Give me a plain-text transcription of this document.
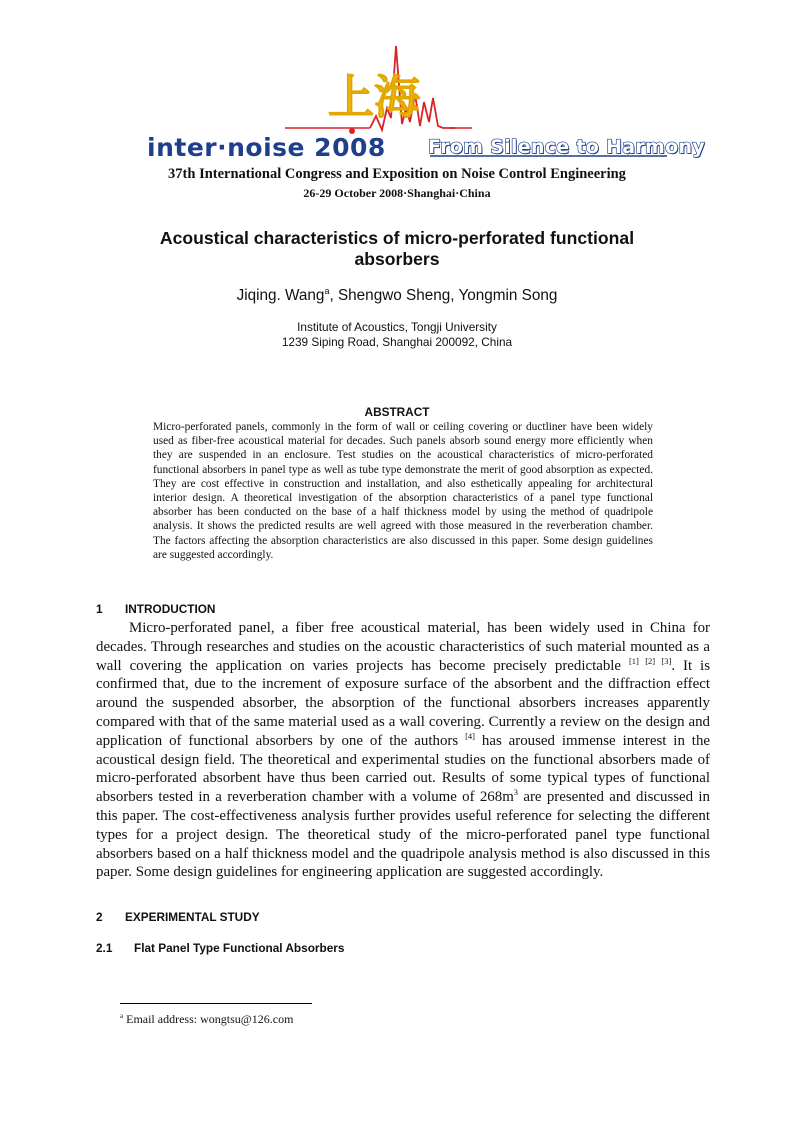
上海
inter·noise 2008 From Silence to Harmony
37th International Congress and Exposition on Noise Control Engineering
26-29 October 2008·Shanghai·China
Acoustical characteristics of micro-perforated functional absorbers
Jiqing. Wang$^a$, Shengwo Sheng, Yongmin Song
Institute of Acoustics, Tongji University
1239 Siping Road, Shanghai 200092, China
ABSTRACT
Micro-perforated panels, commonly in the form of wall or ceiling covering or ductliner have been widely used as fiber-free acoustical material for decades. Such panels absorb sound energy more efficiently when they are suspended in an enclosure. Test studies on the acoustical characteristics of micro-perforated functional absorbers in panel type as well as tube type demonstrate the merit of good absorption as expected. They are cost effective in construction and installation, and also esthetically appealing for architectural interior design. A theoretical investigation of the absorption characteristics of a panel type functional absorber has been conducted on the base of a half thickness model by using the method of quadripole analysis. It shows the predicted results are well agreed with those measured in the reverberation chamber. The factors affecting the absorption characteristics are also discussed in this paper. Some design guidelines are suggested accordingly.
1 INTRODUCTION
Micro-perforated panel, a fiber free acoustical material, has been widely used in China for decades. Through researches and studies on the acoustic characteristics of such material mounted as a wall covering the application on varies projects has become precisely predictable [1] [2] [3]. It is confirmed that, due to the increment of exposure surface of the absorbent and the diffraction effect around the suspended absorber, the absorption of the functional absorbers increases apparently compared with that of the same material used as a wall covering. Currently a review on the design and application of functional absorbers by one of the authors [4] has aroused immense interest in the acoustical design field. The theoretical and experimental studies on the functional absorbers made of micro-perforated absorbent have thus been carried out. Results of some typical types of functional absorbers tested in a reverberation chamber with a volume of $268m^3$ are presented and discussed in this paper. The cost-effectiveness analysis further provides useful reference for selecting the different types for a project design. The theoretical study of the micro-perforated panel type functional absorbers based on a half thickness model and the quadripole analysis method is also discussed in this paper. Some design guidelines for engineering application are suggested accordingly.
2 EXPERIMENTAL STUDY
2.1 Flat Panel Type Functional Absorbers
$^a$ Email address: wongtsu@126.com
